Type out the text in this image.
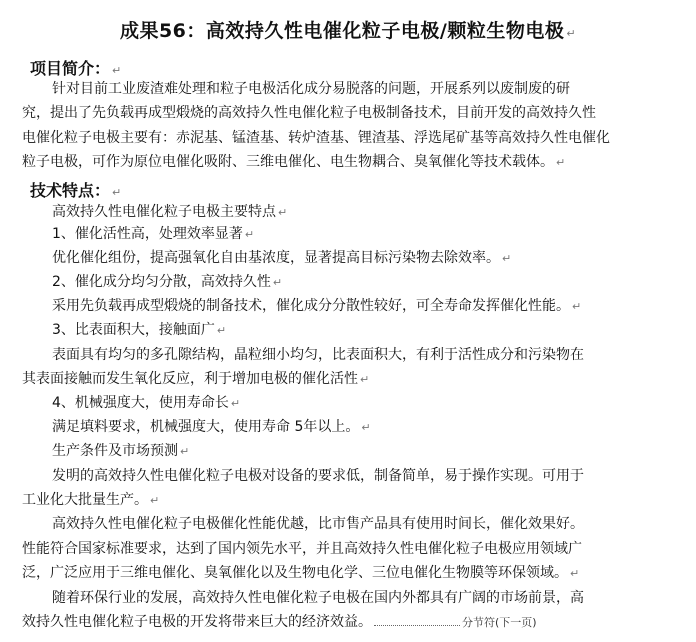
成果56：高效持久性电催化粒子电极/颗粒生物电极 ↵
项目简介： ↵
针对目前工业废渣难处理和粒子电极活化成分易脱落的问题，开展系列以废制废的研
究，提出了先负载再成型煅烧的高效持久性电催化粒子电极制备技术，目前开发的高效持久性
电催化粒子电极主要有：赤泥基、锰渣基、转炉渣基、锂渣基、浮选尾矿基等高效持久性电催化
粒子电极，可作为原位电催化吸附、三维电催化、电生物耦合、臭氧催化等技术载体。 ↵
技术特点： ↵
高效持久性电催化粒子电极主要特点 ↵
1、催化活性高，处理效率显著 ↵
优化催化组份，提高强氧化自由基浓度，显著提高目标污染物去除效率。 ↵
2、催化成分均匀分散，高效持久性 ↵
采用先负载再成型煅烧的制备技术，催化成分分散性较好，可全寿命发挥催化性能。 ↵
3、比表面积大，接触面广 ↵
表面具有均匀的多孔隙结构，晶粒细小均匀，比表面积大，有利于活性成分和污染物在
其表面接触而发生氧化反应，利于增加电极的催化活性 ↵
4、机械强度大，使用寿命长 ↵
满足填料要求，机械强度大，使用寿命 5年以上。 ↵
生产条件及市场预测 ↵
发明的高效持久性电催化粒子电极对设备的要求低，制备简单，易于操作实现。可用于
工业化大批量生产。 ↵
高效持久性电催化粒子电极催化性能优越，比市售产品具有使用时间长，催化效果好。
性能符合国家标准要求，达到了国内领先水平，并且高效持久性电催化粒子电极应用领域广
泛，广泛应用于三维电催化、臭氧催化以及生物电化学、三位电催化生物膜等环保领域。 ↵
随着环保行业的发展，高效持久性电催化粒子电极在国内外都具有广阔的市场前景，高
效持久性电催化粒子电极的开发将带来巨大的经济效益。	分节符(下一页)
